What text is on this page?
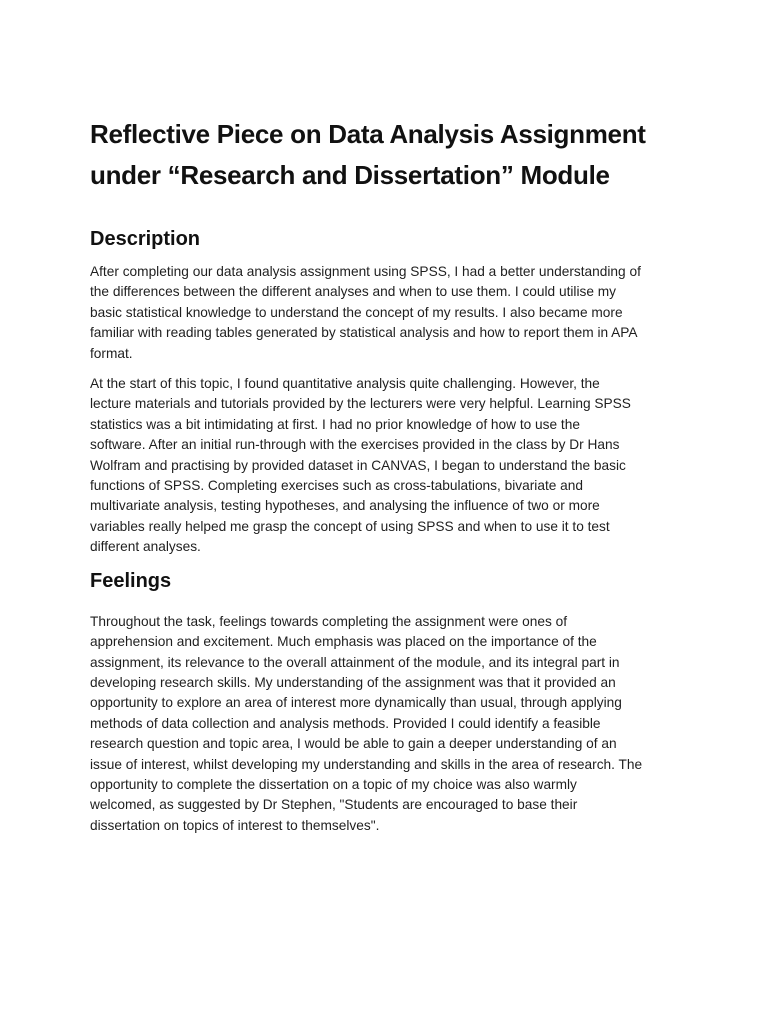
Reflective Piece on Data Analysis Assignment
under “Research and Dissertation” Module
Description

After completing our data analysis assignment using SPSS, I had a better understanding of
the differences between the different analyses and when to use them. I could utilise my
basic statistical knowledge to understand the concept of my results. I also became more
familiar with reading tables generated by statistical analysis and how to report them in APA
format.

At the start of this topic, I found quantitative analysis quite challenging. However, the
lecture materials and tutorials provided by the lecturers were very helpful. Learning SPSS
statistics was a bit intimidating at first. I had no prior knowledge of how to use the
software. After an initial run-through with the exercises provided in the class by Dr Hans
Wolfram and practising by provided dataset in CANVAS, I began to understand the basic
functions of SPSS. Completing exercises such as cross-tabulations, bivariate and
multivariate analysis, testing hypotheses, and analysing the influence of two or more
variables really helped me grasp the concept of using SPSS and when to use it to test
different analyses.

Feelings

Throughout the task, feelings towards completing the assignment were ones of
apprehension and excitement. Much emphasis was placed on the importance of the
assignment, its relevance to the overall attainment of the module, and its integral part in
developing research skills. My understanding of the assignment was that it provided an
opportunity to explore an area of interest more dynamically than usual, through applying
methods of data collection and analysis methods. Provided I could identify a feasible
research question and topic area, I would be able to gain a deeper understanding of an
issue of interest, whilst developing my understanding and skills in the area of research. The
opportunity to complete the dissertation on a topic of my choice was also warmly
welcomed, as suggested by Dr Stephen, "Students are encouraged to base their
dissertation on topics of interest to themselves".
